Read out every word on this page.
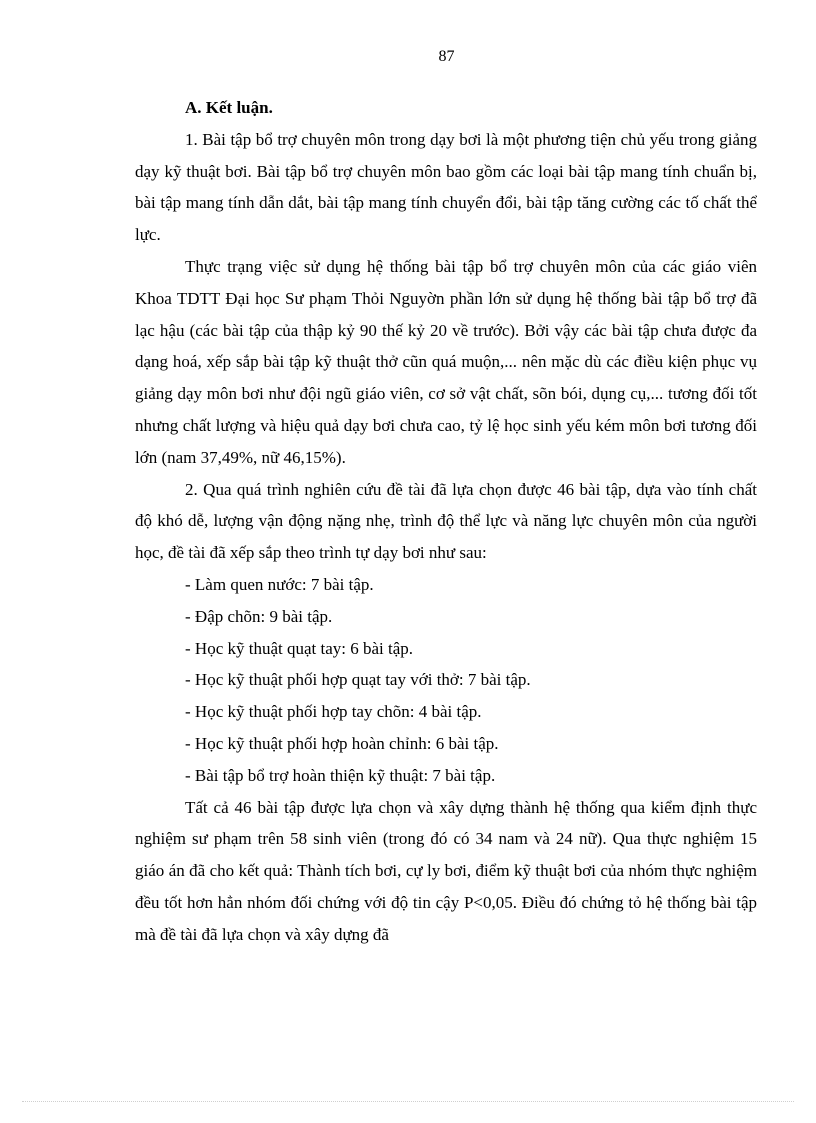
87
A. Kết luận.

1. Bài tập bổ trợ chuyên môn trong dạy bơi là một phương tiện chủ yếu trong giảng dạy kỹ thuật bơi. Bài tập bổ trợ chuyên môn bao gồm các loại bài tập mang tính chuẩn bị, bài tập mang tính dẫn dắt, bài tập mang tính chuyển đổi, bài tập tăng cường các tố chất thể lực.

Thực trạng việc sử dụng hệ thống bài tập bổ trợ chuyên môn của các giáo viên Khoa TDTT Đại học Sư phạm Thỏi Nguyờn phần lớn sử dụng hệ thống bài tập bổ trợ đã lạc hậu (các bài tập của thập kỷ 90 thế kỷ 20 về trước). Bởi vậy các bài tập chưa được đa dạng hoá, xếp sắp bài tập kỹ thuật thở cũn quá muộn,... nên mặc dù các điều kiện phục vụ giảng dạy môn bơi như đội ngũ giáo viên, cơ sở vật chất, sõn bói, dụng cụ,... tương đối tốt nhưng chất lượng và hiệu quả dạy bơi chưa cao, tỷ lệ học sinh yếu kém môn bơi tương đối lớn (nam 37,49%, nữ 46,15%).

2. Qua quá trình nghiên cứu đề tài đã lựa chọn được 46 bài tập, dựa vào tính chất độ khó dễ, lượng vận động nặng nhẹ, trình độ thể lực và năng lực chuyên môn của người học, đề tài đã xếp sắp theo trình tự dạy bơi như sau:

- Làm quen nước: 7 bài tập.

- Đập chõn: 9 bài tập.

- Học kỹ thuật quạt tay: 6 bài tập.

- Học kỹ thuật phối hợp quạt tay với thở: 7 bài tập.

- Học kỹ thuật phối hợp tay chõn: 4 bài tập.

- Học kỹ thuật phối hợp hoàn chỉnh: 6 bài tập.

- Bài tập bổ trợ hoàn thiện kỹ thuật: 7 bài tập.

Tất cả 46 bài tập được lựa chọn và xây dựng thành hệ thống qua kiểm định thực nghiệm sư phạm trên 58 sinh viên (trong đó có 34 nam và 24 nữ). Qua thực nghiệm 15 giáo án đã cho kết quả: Thành tích bơi, cự ly bơi, điểm kỹ thuật bơi của nhóm thực nghiệm đều tốt hơn hẳn nhóm đối chứng với độ tin cậy P<0,05. Điều đó chứng tỏ hệ thống bài tập mà đề tài đã lựa chọn và xây dựng đã
